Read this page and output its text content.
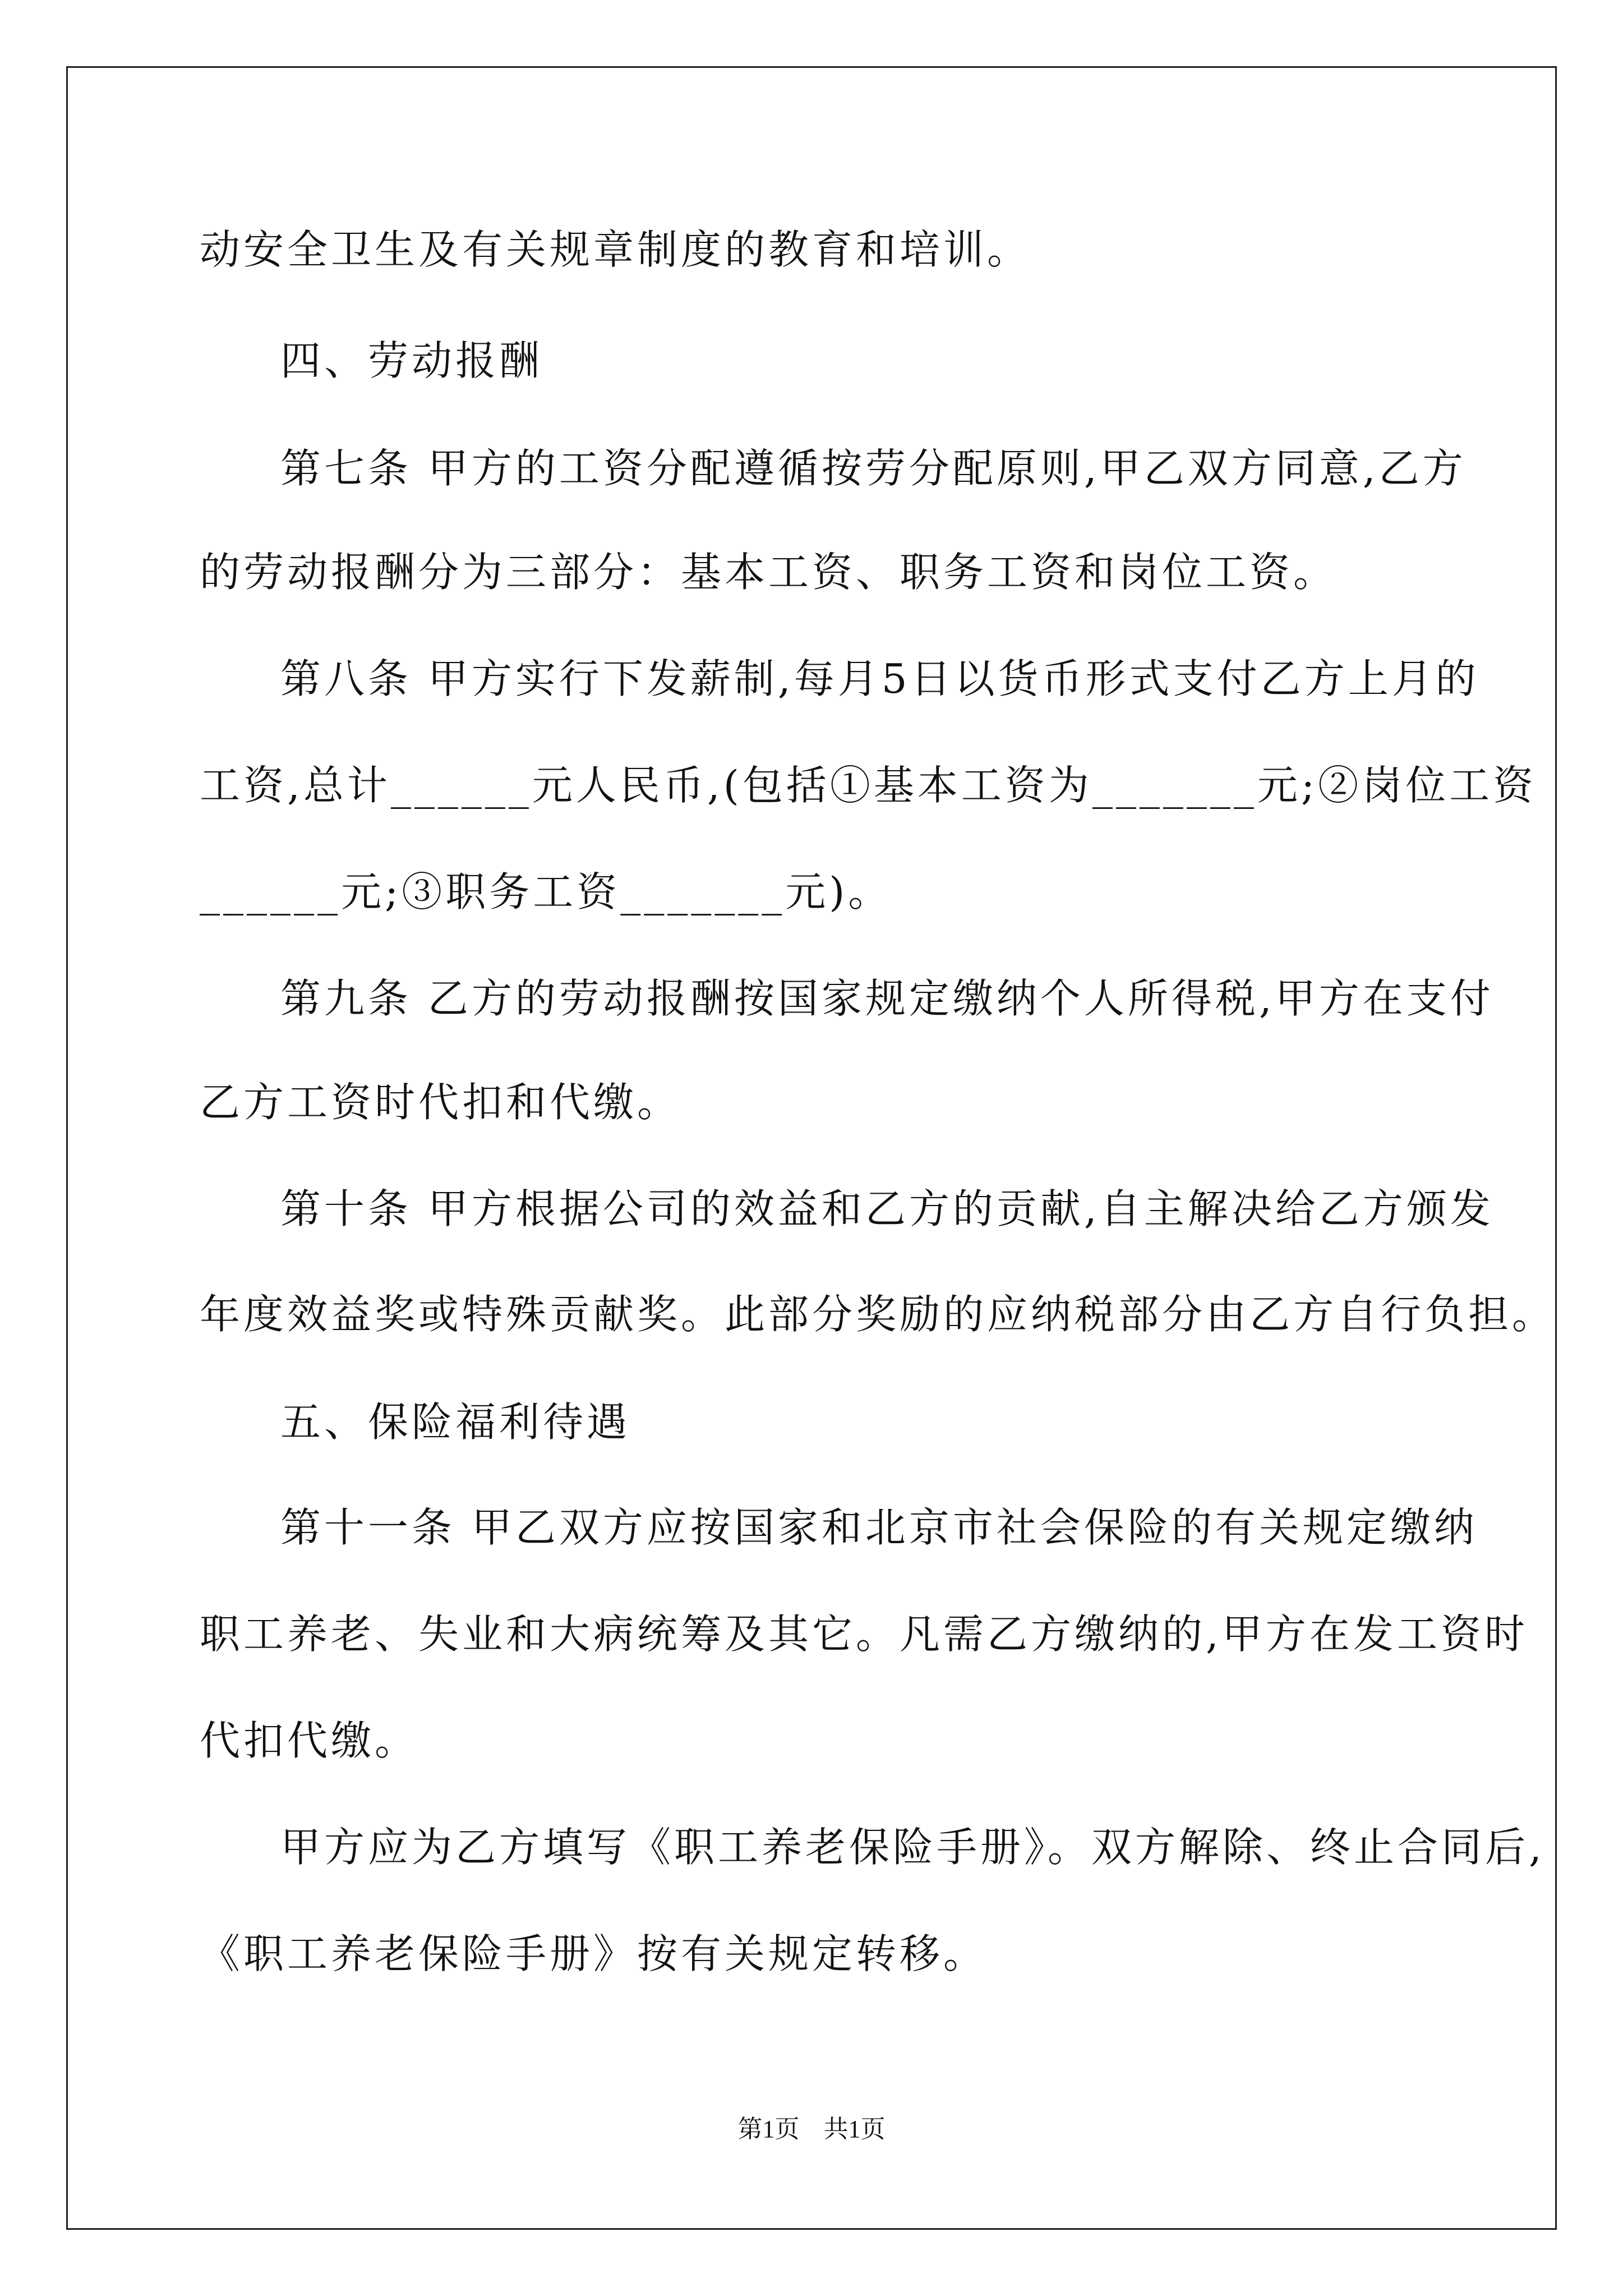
动安全卫生及有关规章制度的教育和培训。
四、劳动报酬
第七条 甲方的工资分配遵循按劳分配原则,甲乙双方同意,乙方
的劳动报酬分为三部分：基本工资、职务工资和岗位工资。
第八条 甲方实行下发薪制,每月5日以货币形式支付乙方上月的
工资,总计______元人民币,(包括①基本工资为_______元;②岗位工资
______元;③职务工资_______元)。
第九条 乙方的劳动报酬按国家规定缴纳个人所得税,甲方在支付
乙方工资时代扣和代缴。
第十条 甲方根据公司的效益和乙方的贡献,自主解决给乙方颁发
年度效益奖或特殊贡献奖。此部分奖励的应纳税部分由乙方自行负担。
五、保险福利待遇
第十一条 甲乙双方应按国家和北京市社会保险的有关规定缴纳
职工养老、失业和大病统筹及其它。凡需乙方缴纳的,甲方在发工资时
代扣代缴。
甲方应为乙方填写《职工养老保险手册》。双方解除、终止合同后,
《职工养老保险手册》按有关规定转移。
第1页 共1页
